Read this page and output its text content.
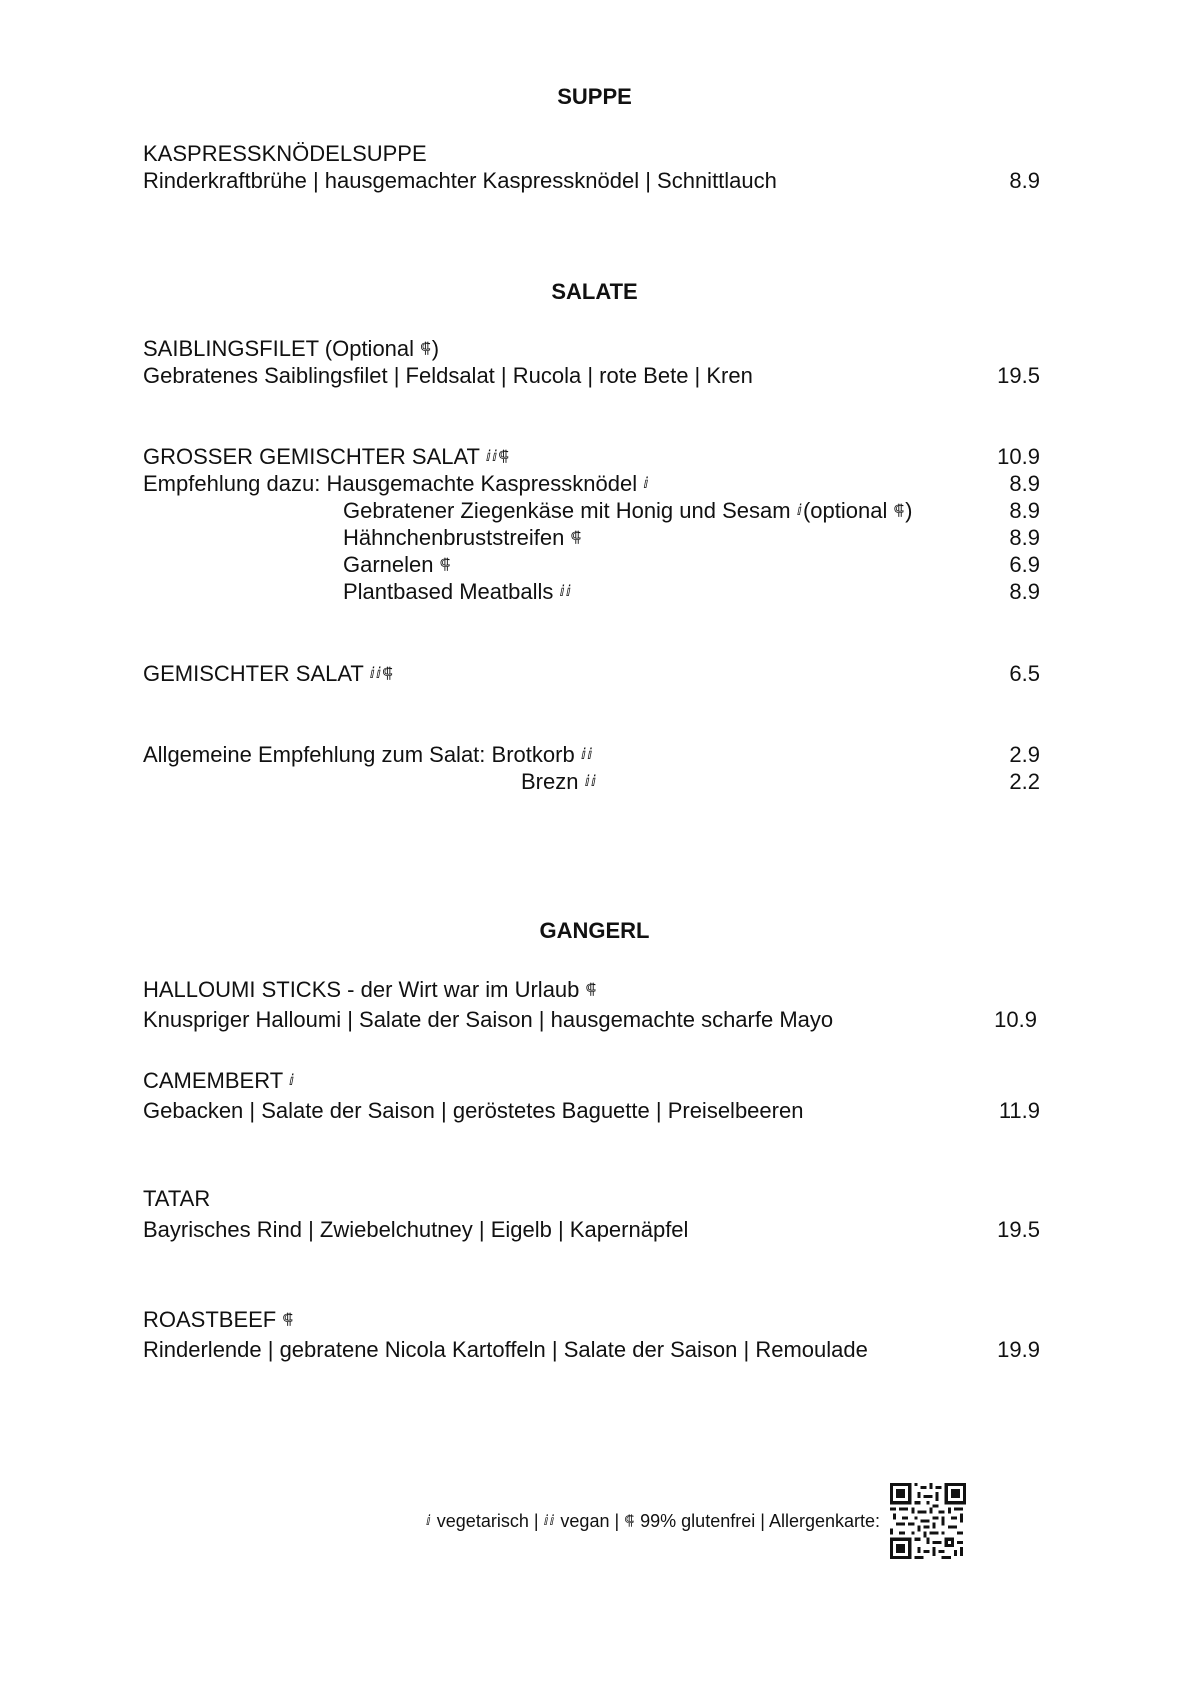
SUPPE
KASPRESSKNÖDELSUPPE
Rinderkraftbrühe | hausgemachter Kaspressknödel | Schnittlauch	8.9
SALATE
SAIBLINGSFILET (Optional ⸿)
Gebratenes Saiblingsfilet | Feldsalat | Rucola | rote Bete | Kren	19.5
GROSSER GEMISCHTER SALAT ⅈⅈ⸿	10.9
Empfehlung dazu: Hausgemachte Kaspressknödel ⅈ	8.9
Gebratener Ziegenkäse mit Honig und Sesam ⅈ(optional ⸿)	8.9
Hähnchenbruststreifen ⸿	8.9
Garnelen ⸿	6.9
Plantbased Meatballs ⅈⅈ	8.9
GEMISCHTER SALAT ⅈⅈ⸿	6.5
Allgemeine Empfehlung zum Salat: Brotkorb ⅈⅈ	2.9
Brezn ⅈⅈ	2.2
GANGERL
HALLOUMI STICKS - der Wirt war im Urlaub ⸿
Knuspriger Halloumi | Salate der Saison | hausgemachte scharfe Mayo	10.9
CAMEMBERT ⅈ
Gebacken | Salate der Saison | geröstetes Baguette | Preiselbeeren	11.9
TATAR
Bayrisches Rind | Zwiebelchutney | Eigelb | Kapernäpfel	19.5
ROASTBEEF ⸿
Rinderlende | gebratene Nicola Kartoffeln | Salate der Saison | Remoulade	19.9
ⅈ vegetarisch | ⅈⅈ vegan | ⸿ 99% glutenfrei | Allergenkarte:
